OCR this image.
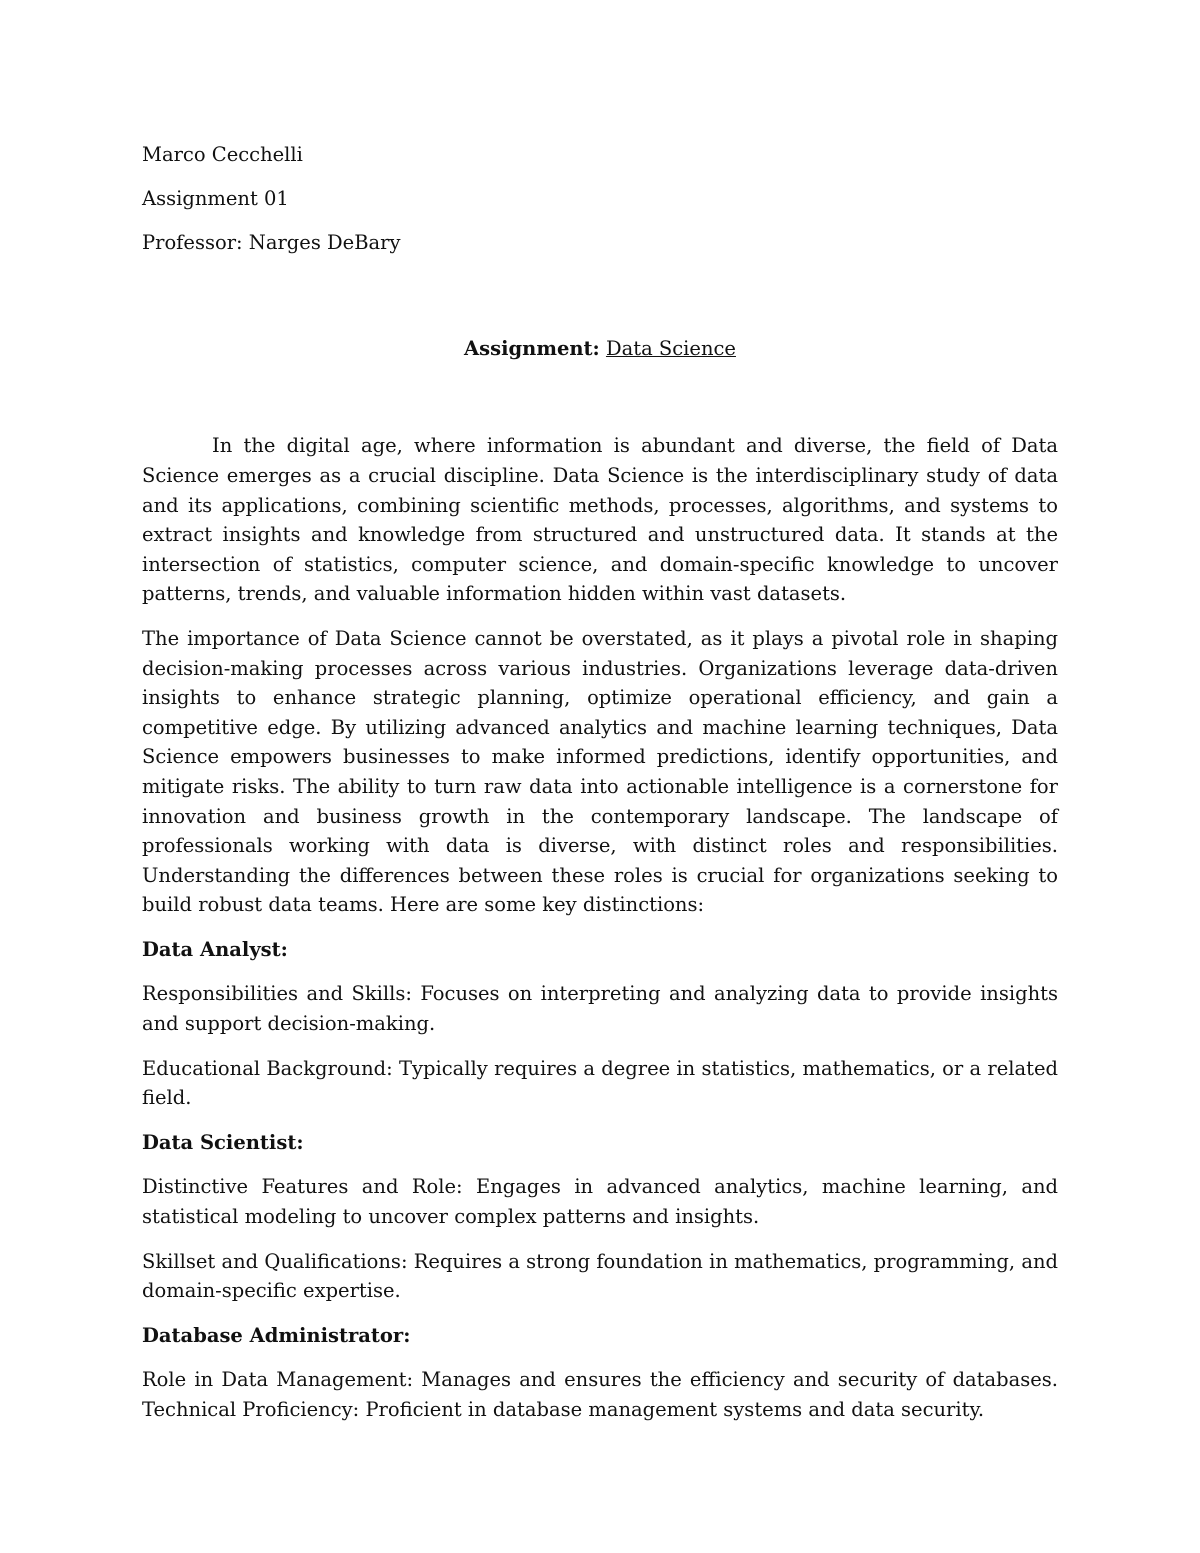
Marco Cecchelli
Assignment 01
Professor: Narges DeBary
Assignment: Data Science

In the digital age, where information is abundant and diverse, the field of Data Science emerges as a crucial discipline. Data Science is the interdisciplinary study of data and its applications, combining scientific methods, processes, algorithms, and systems to extract insights and knowledge from structured and unstructured data. It stands at the intersection of statistics, computer science, and domain-specific knowledge to uncover patterns, trends, and valuable information hidden within vast datasets.

The importance of Data Science cannot be overstated, as it plays a pivotal role in shaping decision-making processes across various industries. Organizations leverage data-driven insights to enhance strategic planning, optimize operational efficiency, and gain a competitive edge. By utilizing advanced analytics and machine learning techniques, Data Science empowers businesses to make informed predictions, identify opportunities, and mitigate risks. The ability to turn raw data into actionable intelligence is a cornerstone for innovation and business growth in the contemporary landscape. The landscape of professionals working with data is diverse, with distinct roles and responsibilities. Understanding the differences between these roles is crucial for organizations seeking to build robust data teams. Here are some key distinctions:

Data Analyst:

Responsibilities and Skills: Focuses on interpreting and analyzing data to provide insights and support decision-making.

Educational Background: Typically requires a degree in statistics, mathematics, or a related field.

Data Scientist:

Distinctive Features and Role: Engages in advanced analytics, machine learning, and statistical modeling to uncover complex patterns and insights.

Skillset and Qualifications: Requires a strong foundation in mathematics, programming, and domain-specific expertise.

Database Administrator:

Role in Data Management: Manages and ensures the efficiency and security of databases. Technical Proficiency: Proficient in database management systems and data security.
